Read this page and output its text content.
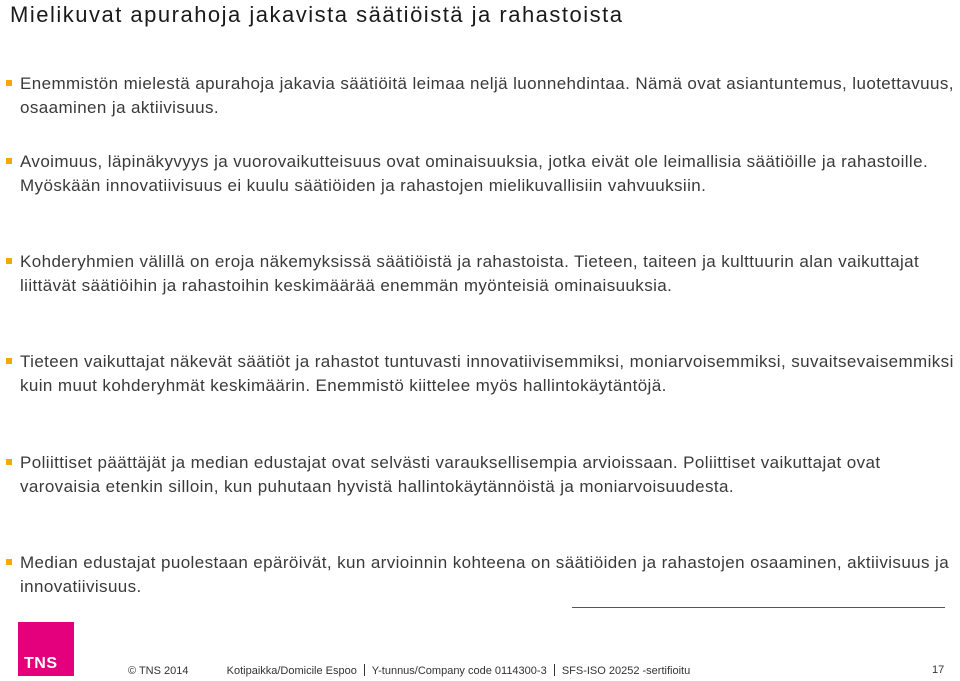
Mielikuvat apurahoja jakavista säätiöistä ja rahastoista
Enemmistön mielestä apurahoja jakavia säätiöitä leimaa neljä luonnehdintaa. Nämä ovat asiantuntemus, luotettavuus, osaaminen ja aktiivisuus.
Avoimuus, läpinäkyvyys ja vuorovaikutteisuus ovat ominaisuuksia, jotka eivät ole leimallisia säätiöille ja rahastoille. Myöskään innovatiivisuus ei kuulu säätiöiden ja rahastojen mielikuvallisiin vahvuuksiin.
Kohderyhmien välillä on eroja näkemyksissä säätiöistä ja rahastoista. Tieteen, taiteen ja kulttuurin alan vaikuttajat liittävät säätiöihin ja rahastoihin keskimäärää enemmän myönteisiä ominaisuuksia.
Tieteen vaikuttajat näkevät säätiöt ja rahastot tuntuvasti innovatiivisemmiksi, moniarvoisemmiksi, suvaitsevaisemmiksi kuin muut kohderyhmät keskimäärin. Enemmistö kiittelee myös hallintokäytäntöjä.
Poliittiset päättäjät ja median edustajat ovat selvästi varauksellisempia arvioissaan. Poliittiset vaikuttajat ovat varovaisia etenkin silloin, kun puhutaan hyvistä hallintokäytännöistä ja moniarvoisuudesta.
Median edustajat puolestaan epäröivät, kun arvioinnin kohteena on säätiöiden ja rahastojen osaaminen, aktiivisuus ja innovatiivisuus.
TNS	© TNS 2014	Kotipaikka/Domicile Espoo Y-tunnus/Company code 0114300-3 SFS-ISO 20252 -sertifioitu	17
